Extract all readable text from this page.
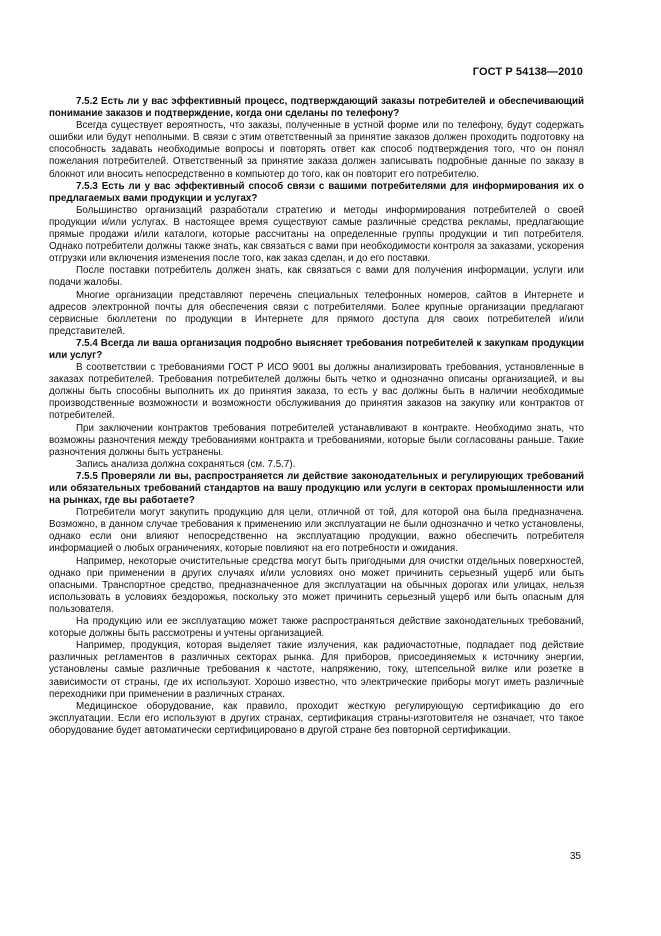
ГОСТ Р 54138—2010

7.5.2 Есть ли у вас эффективный процесс, подтверждающий заказы потребителей и обеспечивающий понимание заказов и подтверждение, когда они сделаны по телефону?

Всегда существует вероятность, что заказы, полученные в устной форме или по телефону, будут содержать ошибки или будут неполными. В связи с этим ответственный за принятие заказов должен проходить подготовку на способность задавать необходимые вопросы и повторять ответ как способ подтверждения того, что он понял пожелания потребителей. Ответственный за принятие заказа должен записывать подробные данные по заказу в блокнот или вносить непосредственно в компьютер до того, как он повторит его потребителю.

7.5.3 Есть ли у вас эффективный способ связи с вашими потребителями для информирования их о предлагаемых вами продукции и услугах?

Большинство организаций разработали стратегию и методы информирования потребителей о своей продукции и/или услугах. В настоящее время существуют самые различные средства рекламы, предлагающие прямые продажи и/или каталоги, которые рассчитаны на определенные группы продукции и тип потребителя. Однако потребители должны также знать, как связаться с вами при необходимости контроля за заказами, ускорения отгрузки или включения изменения после того, как заказ сделан, и до его поставки.

После поставки потребитель должен знать, как связаться с вами для получения информации, услуги или подачи жалобы.

Многие организации представляют перечень специальных телефонных номеров, сайтов в Интернете и адресов электронной почты для обеспечения связи с потребителями. Более крупные организации предлагают сервисные бюллетени по продукции в Интернете для прямого доступа для своих потребителей и/или представителей.

7.5.4 Всегда ли ваша организация подробно выясняет требования потребителей к закупкам продукции или услуг?

В соответствии с требованиями ГОСТ Р ИСО 9001 вы должны анализировать требования, установленные в заказах потребителей. Требования потребителей должны быть четко и однозначно описаны организацией, и вы должны быть способны выполнить их до принятия заказа, то есть у вас должны быть в наличии необходимые производственные возможности и возможности обслуживания до принятия заказов на закупку или контрактов от потребителей.

При заключении контрактов требования потребителей устанавливают в контракте. Необходимо знать, что возможны разночтения между требованиями контракта и требованиями, которые были согласованы раньше. Такие разночтения должны быть устранены.

Запись анализа должна сохраняться (см. 7.5.7).

7.5.5 Проверяли ли вы, распространяется ли действие законодательных и регулирующих требований или обязательных требований стандартов на вашу продукцию или услуги в секторах промышленности или на рынках, где вы работаете?

Потребители могут закупить продукцию для цели, отличной от той, для которой она была предназначена. Возможно, в данном случае требования к применению или эксплуатации не были однозначно и четко установлены, однако если они влияют непосредственно на эксплуатацию продукции, важно обеспечить потребителя информацией о любых ограничениях, которые повлияют на его потребности и ожидания.

Например, некоторые очистительные средства могут быть пригодными для очистки отдельных поверхностей, однако при применении в других случаях и/или условиях оно может причинить серьезный ущерб или быть опасными. Транспортное средство, предназначенное для эксплуатации на обычных дорогах или улицах, нельзя использовать в условиях бездорожья, поскольку это может причинить серьезный ущерб или быть опасным для пользователя.

На продукцию или ее эксплуатацию может также распространяться действие законодательных требований, которые должны быть рассмотрены и учтены организацией.

Например, продукция, которая выделяет такие излучения, как радиочастотные, подпадает под действие различных регламентов в различных секторах рынка. Для приборов, присоединяемых к источнику энергии, установлены самые различные требования к частоте, напряжению, току, штепсельной вилке или розетке в зависимости от страны, где их используют. Хорошо известно, что электрические приборы могут иметь различные переходники при применении в различных странах.

Медицинское оборудование, как правило, проходит жесткую регулирующую сертификацию до его эксплуатации. Если его используют в других странах, сертификация страны-изготовителя не означает, что такое оборудование будет автоматически сертифицировано в другой стране без повторной сертификации.

35
